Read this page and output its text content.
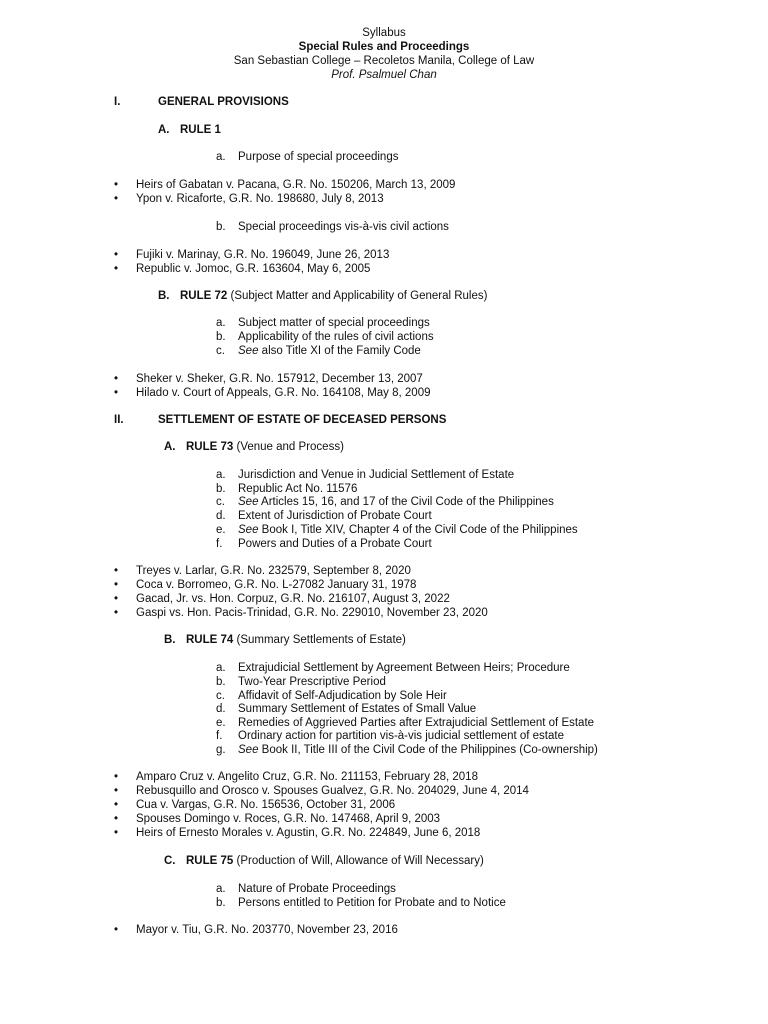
Syllabus
Special Rules and Proceedings
San Sebastian College – Recoletos Manila, College of Law
Prof. Psalmuel Chan
I.	GENERAL PROVISIONS
A. RULE 1
a. Purpose of special proceedings
• Heirs of Gabatan v. Pacana, G.R. No. 150206, March 13, 2009
• Ypon v. Ricaforte, G.R. No. 198680, July 8, 2013
b. Special proceedings vis-à-vis civil actions
• Fujiki v. Marinay, G.R. No. 196049, June 26, 2013
• Republic v. Jomoc, G.R. 163604, May 6, 2005
B. RULE 72 (Subject Matter and Applicability of General Rules)
a. Subject matter of special proceedings
b. Applicability of the rules of civil actions
c. See also Title XI of the Family Code
• Sheker v. Sheker, G.R. No. 157912, December 13, 2007
• Hilado v. Court of Appeals, G.R. No. 164108, May 8, 2009
II.	SETTLEMENT OF ESTATE OF DECEASED PERSONS
A. RULE 73 (Venue and Process)
a. Jurisdiction and Venue in Judicial Settlement of Estate
b. Republic Act No. 11576
c. See Articles 15, 16, and 17 of the Civil Code of the Philippines
d. Extent of Jurisdiction of Probate Court
e. See Book I, Title XIV, Chapter 4 of the Civil Code of the Philippines
f. Powers and Duties of a Probate Court
• Treyes v. Larlar, G.R. No. 232579, September 8, 2020
• Coca v. Borromeo, G.R. No. L-27082 January 31, 1978
• Gacad, Jr. vs. Hon. Corpuz, G.R. No. 216107, August 3, 2022
• Gaspi vs. Hon. Pacis-Trinidad, G.R. No. 229010, November 23, 2020
B. RULE 74 (Summary Settlements of Estate)
a. Extrajudicial Settlement by Agreement Between Heirs; Procedure
b. Two-Year Prescriptive Period
c. Affidavit of Self-Adjudication by Sole Heir
d. Summary Settlement of Estates of Small Value
e. Remedies of Aggrieved Parties after Extrajudicial Settlement of Estate
f. Ordinary action for partition vis-à-vis judicial settlement of estate
g. See Book II, Title III of the Civil Code of the Philippines (Co-ownership)
• Amparo Cruz v. Angelito Cruz, G.R. No. 211153, February 28, 2018
• Rebusquillo and Orosco v. Spouses Gualvez, G.R. No. 204029, June 4, 2014
• Cua v. Vargas, G.R. No. 156536, October 31, 2006
• Spouses Domingo v. Roces, G.R. No. 147468, April 9, 2003
• Heirs of Ernesto Morales v. Agustin, G.R. No. 224849, June 6, 2018
C. RULE 75 (Production of Will, Allowance of Will Necessary)
a. Nature of Probate Proceedings
b. Persons entitled to Petition for Probate and to Notice
• Mayor v. Tiu, G.R. No. 203770, November 23, 2016
